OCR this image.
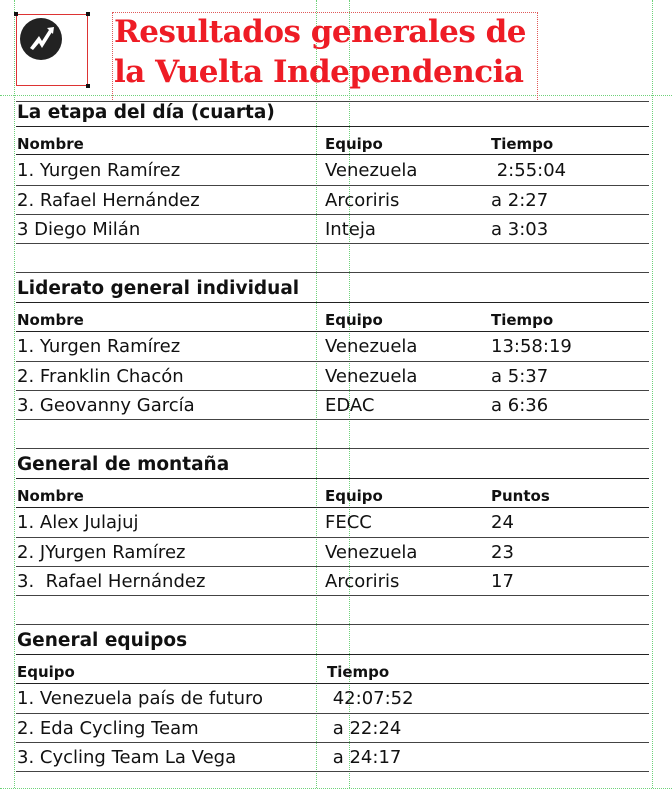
Resultados generales de
la Vuelta Independencia
La etapa del día (cuarta)
Nombre	Equipo	Tiempo
1. Yurgen Ramírez	Venezuela	2:55:04
2. Rafael Hernández	Arcoriris	a 2:27
3 Diego Milán	Inteja	a 3:03
Liderato general individual
Nombre	Equipo	Tiempo
1. Yurgen Ramírez	Venezuela	13:58:19
2. Franklin Chacón	Venezuela	a 5:37
3. Geovanny García	EDAC	a 6:36
General de montaña
Nombre	Equipo	Puntos
1. Alex Julajuj	FECC	24
2. JYurgen Ramírez	Venezuela	23
3.  Rafael Hernández	Arcoriris	17
General equipos
Equipo	Tiempo
1. Venezuela país de futuro	42:07:52
2. Eda Cycling Team	a 22:24
3. Cycling Team La Vega	a 24:17
